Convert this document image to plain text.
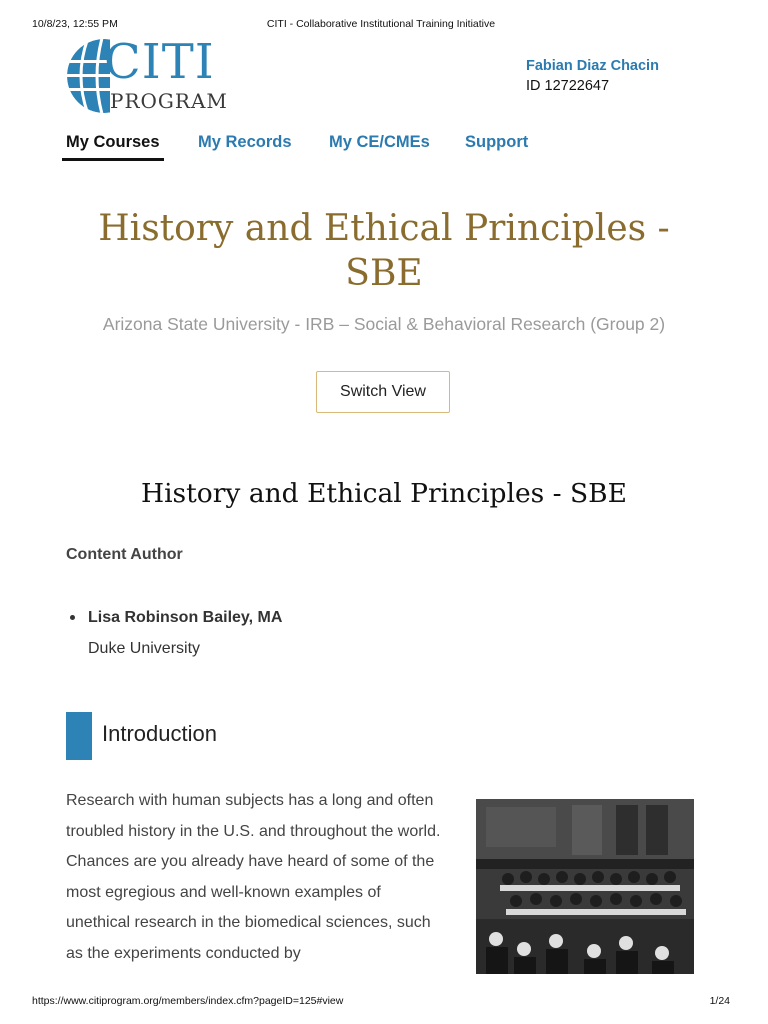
10/8/23, 12:55 PM	CITI - Collaborative Institutional Training Initiative
CITI
PROGRAM
Fabian Diaz Chacin
ID 12722647
My Courses My Records My CE/CMEs Support
History and Ethical Principles -
SBE
Arizona State University - IRB – Social & Behavioral Research (Group 2)
Switch View
History and Ethical Principles - SBE
Content Author
Lisa Robinson Bailey, MA
Duke University
Introduction
Research with human subjects has a long and often troubled history in the U.S. and throughout the world. Chances are you already have heard of some of the most egregious and well-known examples of unethical research in the biomedical sciences, such as the experiments conducted by
https://www.citiprogram.org/members/index.cfm?pageID=125#view	1/24
